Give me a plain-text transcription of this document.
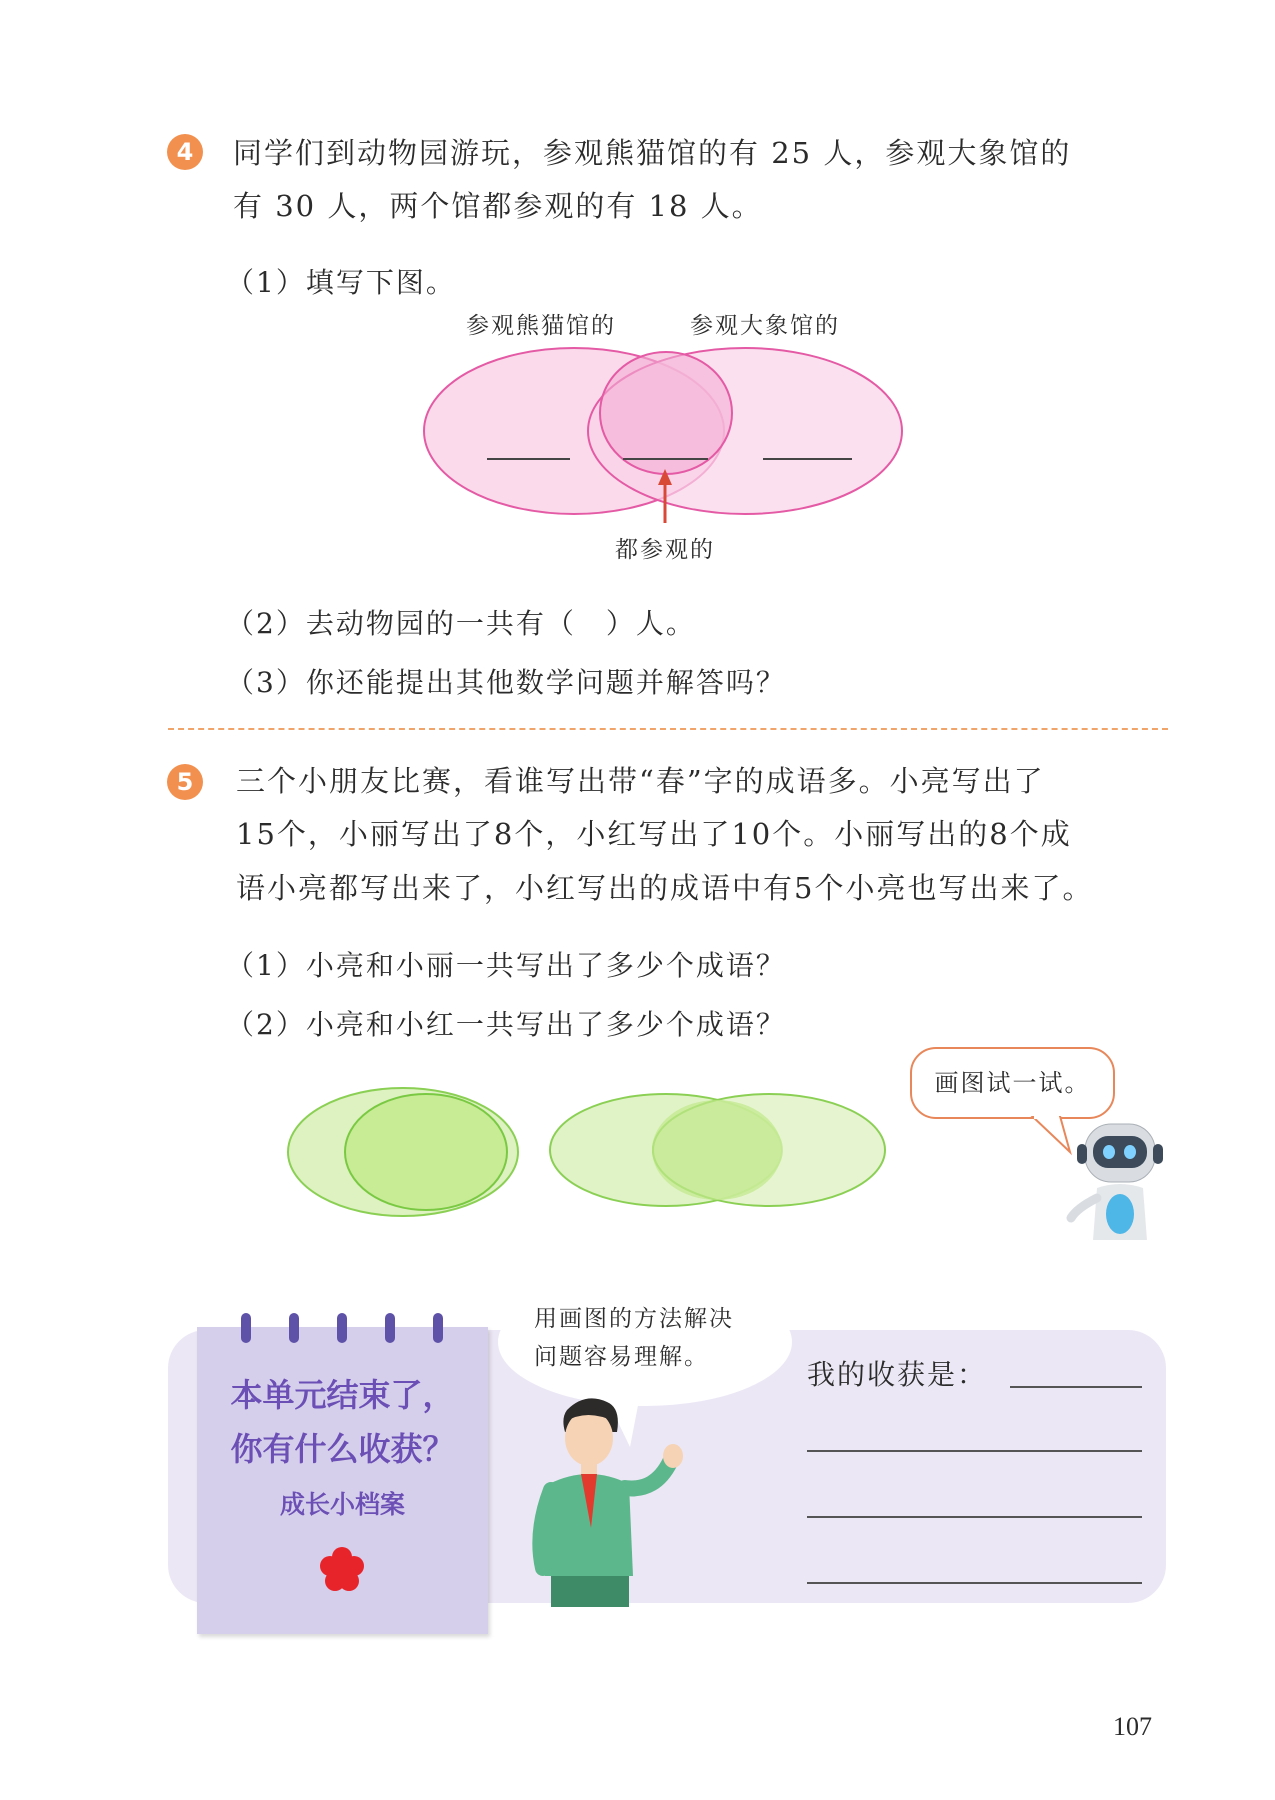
4	同学们到动物园游玩，参观熊猫馆的有 25 人，参观大象馆的

有 30 人，两个馆都参观的有 18 人。

（1）填写下图。
参观熊猫馆的	参观大象馆的
都参观的
（2）去动物园的一共有（　）人。
（3）你还能提出其他数学问题并解答吗？
5	三个小朋友比赛，看谁写出带“春”字的成语多。小亮写出了

15个，小丽写出了8个，小红写出了10个。小丽写出的8个成

语小亮都写出来了，小红写出的成语中有5个小亮也写出来了。

（1）小亮和小丽一共写出了多少个成语？
（2）小亮和小红一共写出了多少个成语？
画图试一试。
本单元结束了，
你有什么收获？
成长小档案
用画图的方法解决
问题容易理解。
我的收获是：
107
